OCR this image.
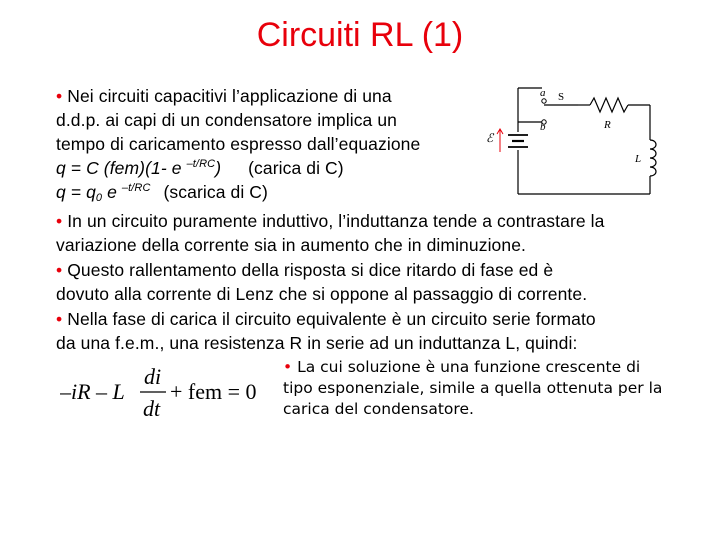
Circuiti RL (1)
• Nei circuiti capacitivi l’applicazione di una
d.d.p. ai capi di un condensatore implica un
tempo di caricamento espresso dall’equazione
q = C (fem)(1- e $^{-t/RC}$) (carica di C)
$q = q_0$ e $^{-t/RC}$ (scarica di C)
• In un circuito puramente induttivo, l’induttanza tende a contrastare la
variazione della corrente sia in aumento che in diminuzione.
• Questo rallentamento della risposta si dice ritardo di fase ed è
dovuto alla corrente di Lenz che si oppone al passaggio di corrente.
• Nella fase di carica il circuito equivalente è un circuito serie formato
da una f.e.m., una resistenza R in serie ad un induttanza L, quindi:
• La cui soluzione è una funzione crescente di
tipo esponenziale, simile a quella ottenuta per la
carica del condensatore.
–iR – L
di
dt
+ fem = 0
a
b
S
R
L
ℰ
